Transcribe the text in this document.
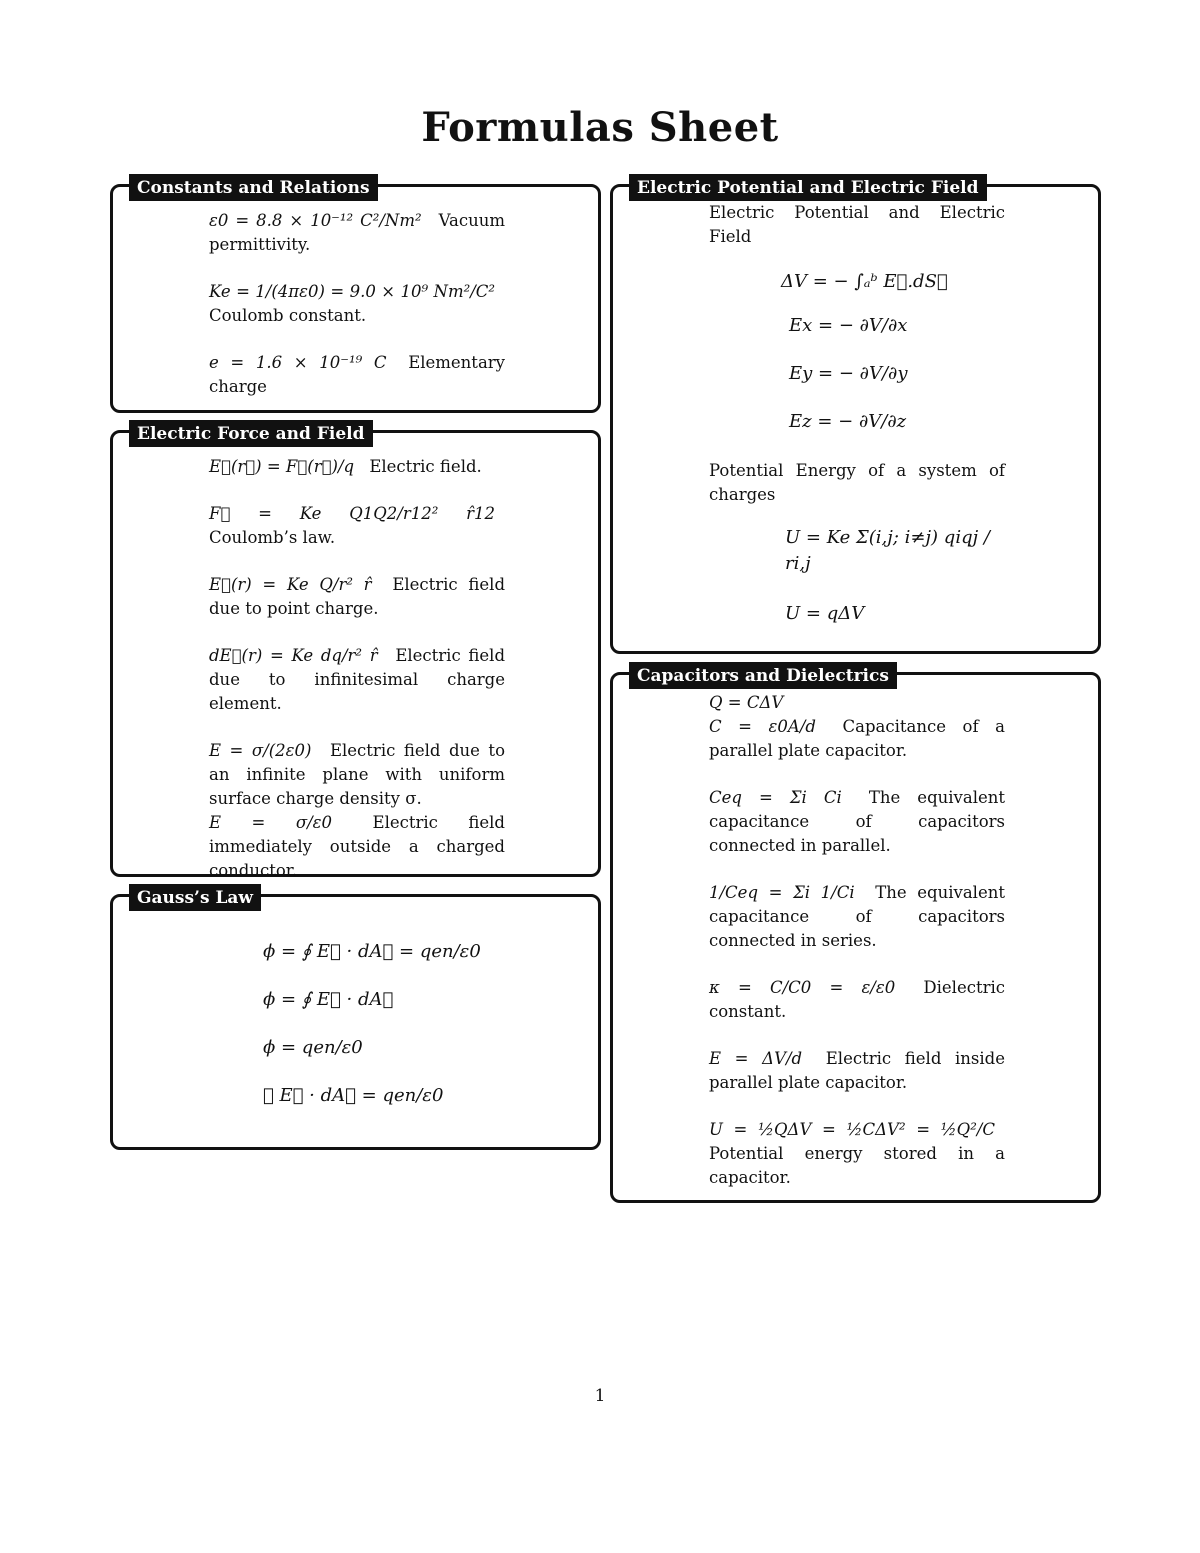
Formulas Sheet
Constants and Relations
ε0 = 8.8 × 10⁻¹² C²/Nm² Vacuum permittivity.
Ke = 1/(4πε0) = 9.0 × 10⁹ Nm²/C² Coulomb constant.
e = 1.6 × 10⁻¹⁹ C Elementary charge
Electric Force and Field
E⃗(r⃗) = F⃗(r⃗)/q Electric field.
F⃗ = Ke Q1Q2/r12² r̂12 Coulomb’s law.
E⃗(r) = Ke Q/r² r̂ Electric field due to point charge.
dE⃗(r) = Ke dq/r² r̂ Electric field due to infinitesimal charge element.
E = σ/(2ε0) Electric field due to an infinite plane with uniform surface charge density σ.
E = σ/ε0 Electric field immediately outside a charged conductor.
Gauss’s Law
ϕ = ∮ E⃗ · dA⃗ = qen/ε0
ϕ = ∮ E⃗ · dA⃗
ϕ = qen/ε0
∮ E⃗ · dA⃗ = qen/ε0
Electric Potential and Electric Field
Electric Potential and Electric Field
ΔV = − ∫ₐᵇ E⃗.dS⃗
Ex = − ∂V/∂x
Ey = − ∂V/∂y
Ez = − ∂V/∂z
Potential Energy of a system of charges
U = Ke Σ(i,j; i≠j) qiqj / ri,j
U = qΔV
Capacitors and Dielectrics
Q = CΔV
C = ε0A/d Capacitance of a parallel plate capacitor.
Ceq = Σi Ci The equivalent capacitance of capacitors connected in parallel.
1/Ceq = Σi 1/Ci The equivalent capacitance of capacitors connected in series.
κ = C/C0 = ε/ε0 Dielectric constant.
E = ΔV/d Electric field inside parallel plate capacitor.
U = ½QΔV = ½CΔV² = ½Q²/C Potential energy stored in a capacitor.
1
